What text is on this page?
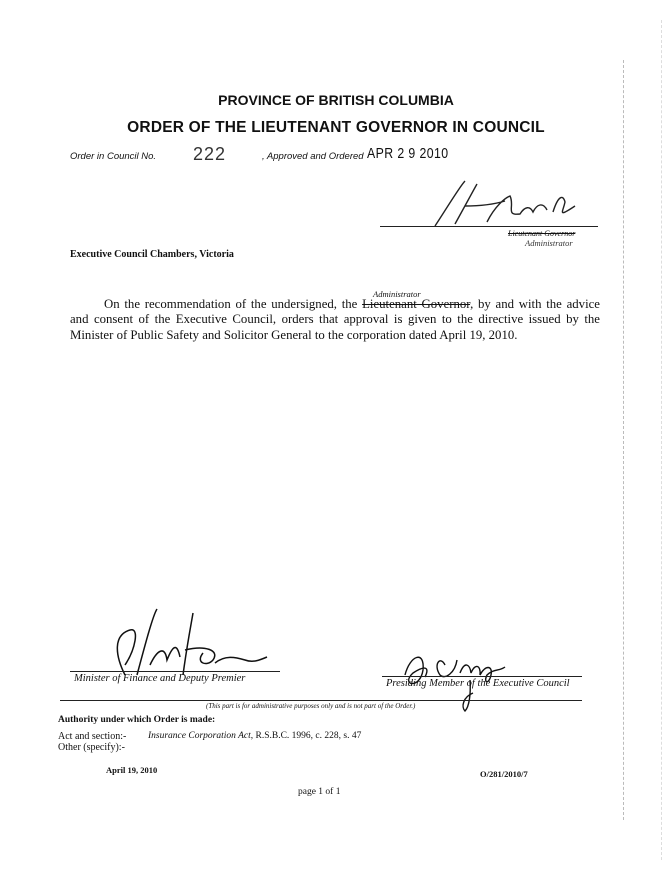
PROVINCE OF BRITISH COLUMBIA
ORDER OF THE LIEUTENANT GOVERNOR IN COUNCIL
Order in Council No. 222	, Approved and Ordered APR 2 9 2010
Lieutenant Governor
Administrator
Executive Council Chambers, Victoria
Administrator
On the recommendation of the undersigned, the Lieutenant Governor, by and with the advice and consent of the Executive Council, orders that approval is given to the directive issued by the Minister of Public Safety and Solicitor General to the corporation dated April 19, 2010.
Minister of Finance and Deputy Premier	Presiding Member of the Executive Council
(This part is for administrative purposes only and is not part of the Order.)
Authority under which Order is made:
Act and section:-
Other (specify):-
Insurance Corporation Act, R.S.B.C. 1996, c. 228, s. 47
April 19, 2010	O/281/2010/7
page 1 of 1
